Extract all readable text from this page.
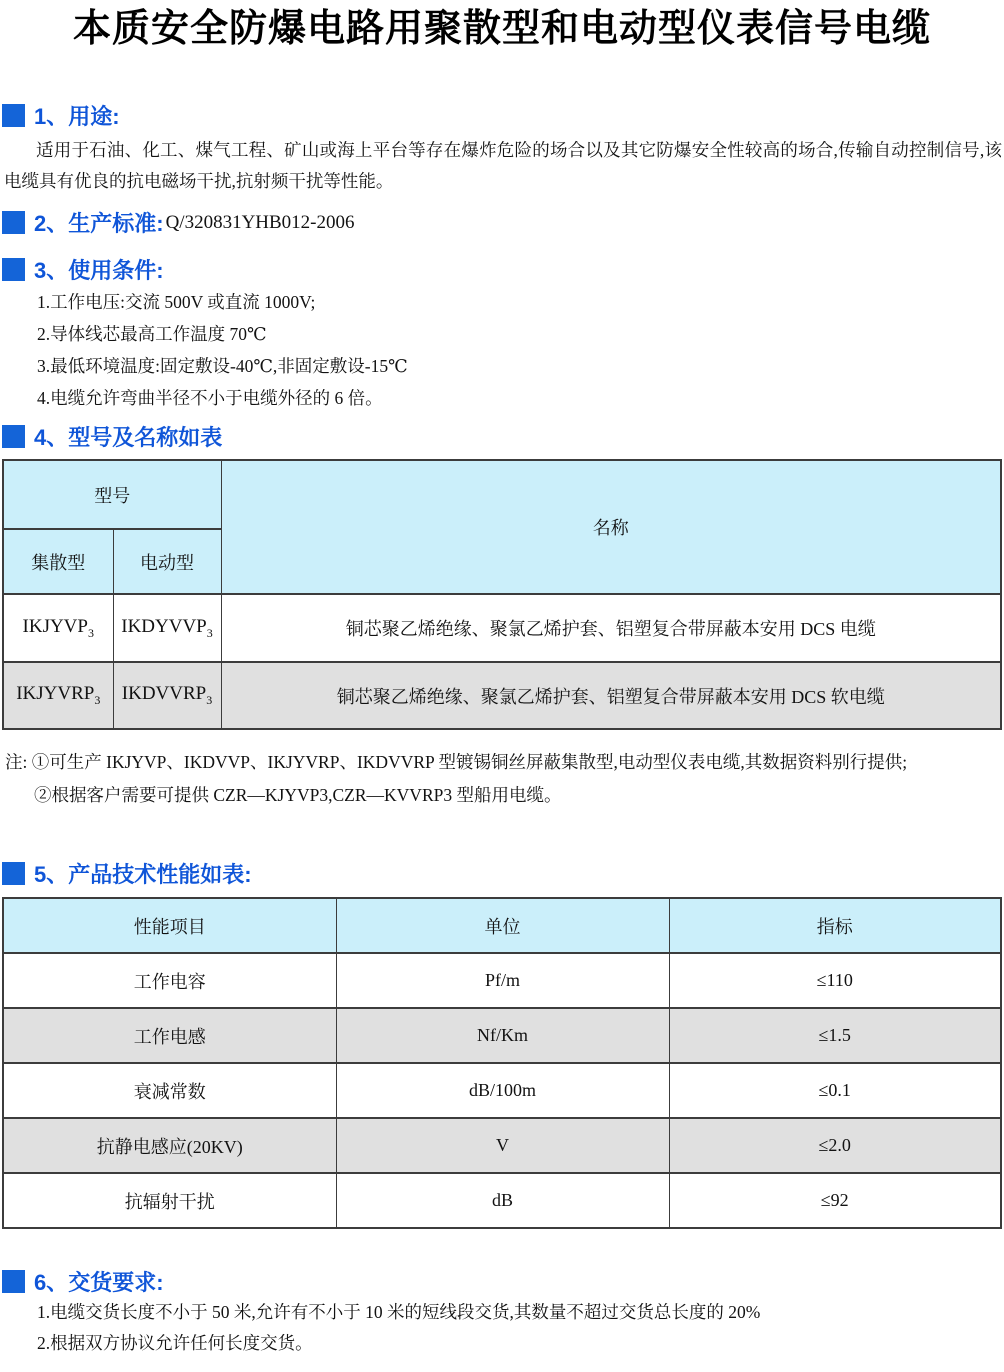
本质安全防爆电路用聚散型和电动型仪表信号电缆
1、用途:
适用于石油、化工、煤气工程、矿山或海上平台等存在爆炸危险的场合以及其它防爆安全性较高的场合,传输自动控制信号,该电缆具有优良的抗电磁场干扰,抗射频干扰等性能。
2、生产标准: Q/320831YHB012-2006
3、使用条件:
1.工作电压:交流 500V 或直流 1000V;
2.导体线芯最高工作温度 70℃
3.最低环境温度:固定敷设-40℃,非固定敷设-15℃
4.电缆允许弯曲半径不小于电缆外径的 6 倍。
4、型号及名称如表
型号		名称
集散型	电动型	
$IKJYVP_3$	$IKDYVVP_3$	铜芯聚乙烯绝缘、聚氯乙烯护套、铝塑复合带屏蔽本安用 DCS 电缆
$IKJYVRP_3$	$IKDVVRP_3$	铜芯聚乙烯绝缘、聚氯乙烯护套、铝塑复合带屏蔽本安用 DCS 软电缆
注: ①可生产 IKJYVP、IKDVVP、IKJYVRP、IKDVVRP 型镀锡铜丝屏蔽集散型,电动型仪表电缆,其数据资料别行提供;
②根据客户需要可提供 CZR—KJYVP3,CZR—KVVRP3 型船用电缆。
5、产品技术性能如表:
性能项目	单位	指标
工作电容	Pf/m	≤110
工作电感	Nf/Km	≤1.5
衰减常数	dB/100m	≤0.1
抗静电感应(20KV)	V	≤2.0
抗辐射干扰	dB	≤92
6、交货要求:
1.电缆交货长度不小于 50 米,允许有不小于 10 米的短线段交货,其数量不超过交货总长度的 20%
2.根据双方协议允许任何长度交货。
